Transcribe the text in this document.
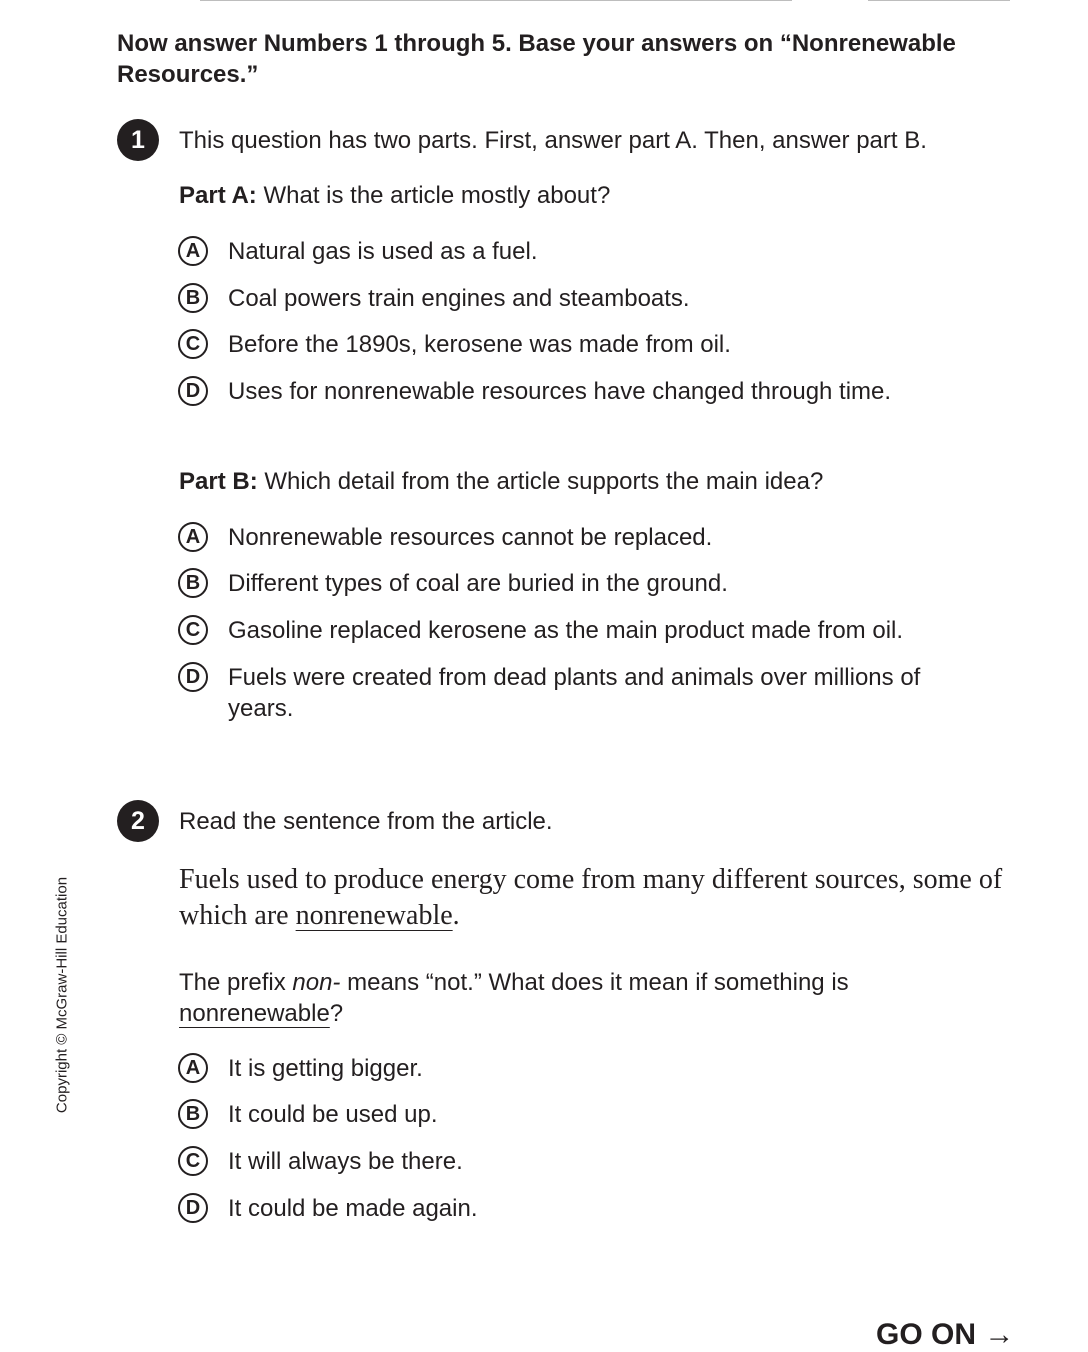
Copyright © McGraw-Hill Education
Now answer Numbers 1 through 5. Base your answers on “Nonrenewable Resources.”
1	This question has two parts. First, answer part A. Then, answer part B.
Part A: What is the article mostly about?
A	Natural gas is used as a fuel.
B	Coal powers train engines and steamboats.
C	Before the 1890s, kerosene was made from oil.
D	Uses for nonrenewable resources have changed through time.
Part B: Which detail from the article supports the main idea?
A	Nonrenewable resources cannot be replaced.
B	Different types of coal are buried in the ground.
C	Gasoline replaced kerosene as the main product made from oil.
D	Fuels were created from dead plants and animals over millions of years.
2	Read the sentence from the article.
Fuels used to produce energy come from many different sources, some of which are nonrenewable.
The prefix non- means “not.” What does it mean if something is nonrenewable?
A	It is getting bigger.
B	It could be used up.
C	It will always be there.
D	It could be made again.
GO ON →
